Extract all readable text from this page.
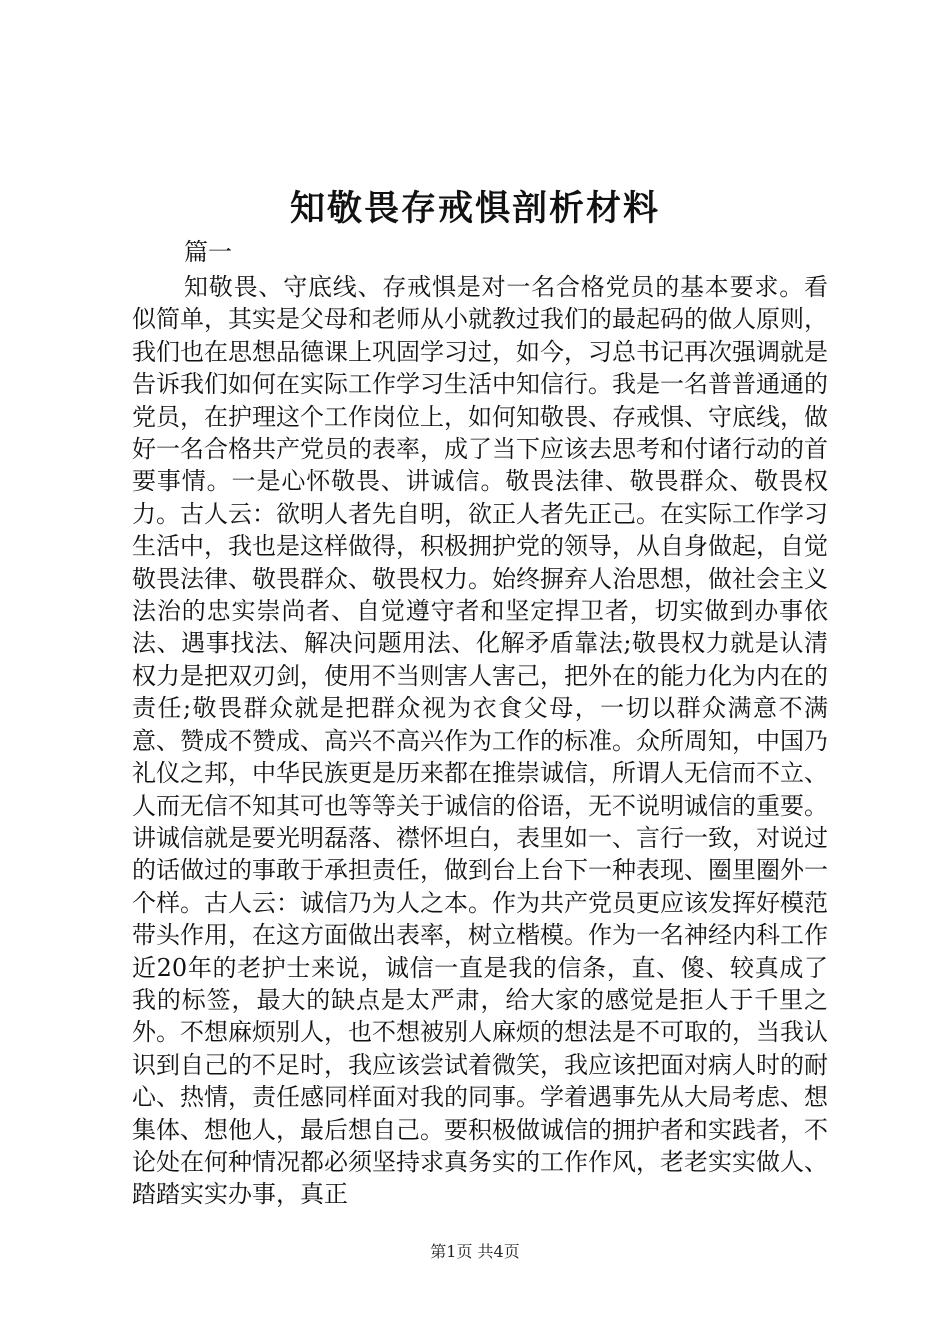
知敬畏存戒惧剖析材料
篇一

知敬畏、守底线、存戒惧是对一名合格党员的基本要求。看似简单，其实是父母和老师从小就教过我们的最起码的做人原则，我们也在思想品德课上巩固学习过，如今，习总书记再次强调就是告诉我们如何在实际工作学习生活中知信行。我是一名普普通通的党员，在护理这个工作岗位上，如何知敬畏、存戒惧、守底线，做好一名合格共产党员的表率，成了当下应该去思考和付诸行动的首要事情。一是心怀敬畏、讲诚信。敬畏法律、敬畏群众、敬畏权力。古人云：欲明人者先自明，欲正人者先正己。在实际工作学习生活中，我也是这样做得，积极拥护党的领导，从自身做起，自觉敬畏法律、敬畏群众、敬畏权力。始终摒弃人治思想，做社会主义法治的忠实崇尚者、自觉遵守者和坚定捍卫者，切实做到办事依法、遇事找法、解决问题用法、化解矛盾靠法;敬畏权力就是认清权力是把双刃剑，使用不当则害人害己，把外在的能力化为内在的责任;敬畏群众就是把群众视为衣食父母，一切以群众满意不满意、赞成不赞成、高兴不高兴作为工作的标准。众所周知，中国乃礼仪之邦，中华民族更是历来都在推崇诚信，所谓人无信而不立、人而无信不知其可也等等关于诚信的俗语，无不说明诚信的重要。讲诚信就是要光明磊落、襟怀坦白，表里如一、言行一致，对说过的话做过的事敢于承担责任，做到台上台下一种表现、圈里圈外一个样。古人云：诚信乃为人之本。作为共产党员更应该发挥好模范带头作用，在这方面做出表率，树立楷模。作为一名神经内科工作近20年的老护士来说，诚信一直是我的信条，直、傻、较真成了我的标签，最大的缺点是太严肃，给大家的感觉是拒人于千里之外。不想麻烦别人，也不想被别人麻烦的想法是不可取的，当我认识到自己的不足时，我应该尝试着微笑，我应该把面对病人时的耐心、热情，责任感同样面对我的同事。学着遇事先从大局考虑、想集体、想他人，最后想自己。要积极做诚信的拥护者和实践者，不论处在何种情况都必须坚持求真务实的工作作风，老老实实做人、踏踏实实办事，真正

第1页 共4页
